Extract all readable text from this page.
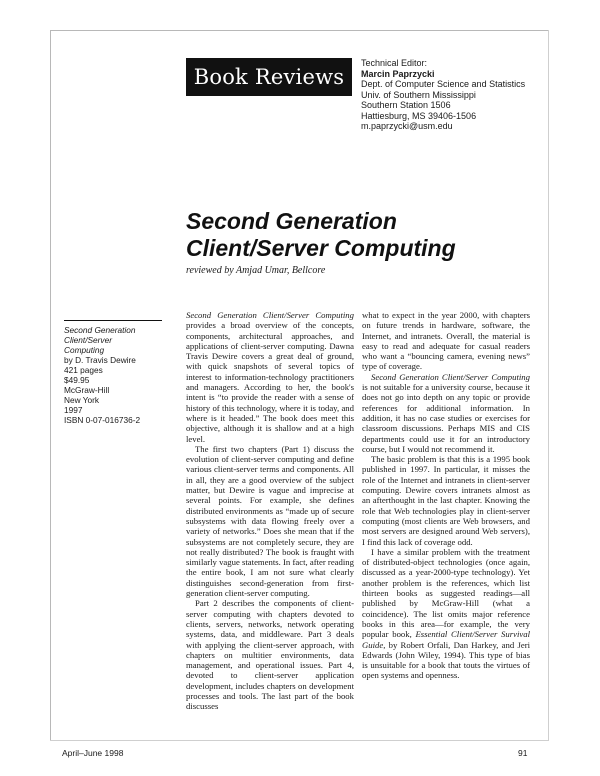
Book Reviews
Technical Editor:
Marcin Paprzycki
Dept. of Computer Science and Statistics
Univ. of Southern Mississippi
Southern Station 1506
Hattiesburg, MS 39406-1506
m.paprzycki@usm.edu
Second Generation
Client/Server Computing
reviewed by Amjad Umar, Bellcore
Second Generation
Client/Server
Computing
by D. Travis Dewire
421 pages
$49.95
McGraw-Hill
New York
1997
ISBN 0-07-016736-2

Second Generation Client/Server Computing provides a broad overview of the concepts, components, architectural approaches, and applications of client-server computing. Dawna Travis Dewire covers a great deal of ground, with quick snapshots of several topics of interest to information-technology practitioners and managers. According to her, the book's intent is “to provide the reader with a sense of history of this technology, where it is today, and where is it headed.” The book does meet this objective, although it is shallow and at a high level.

The first two chapters (Part 1) discuss the evolution of client-server computing and define various client-server terms and components. All in all, they are a good overview of the subject matter, but Dewire is vague and imprecise at several points. For example, she defines distributed environments as “made up of secure subsystems with data flowing freely over a variety of networks.” Does she mean that if the subsystems are not completely secure, they are not really distributed? The book is fraught with similarly vague statements. In fact, after reading the entire book, I am not sure what clearly distinguishes second-generation from first-generation client-server computing.

Part 2 describes the components of client-server computing with chapters devoted to clients, servers, networks, network operating systems, data, and middleware. Part 3 deals with applying the client-server approach, with chapters on multitier environments, data management, and operational issues. Part 4, devoted to client-server application development, includes chapters on development processes and tools. The last part of the book discusses

what to expect in the year 2000, with chapters on future trends in hardware, software, the Internet, and intranets. Overall, the material is easy to read and adequate for casual readers who want a “bouncing camera, evening news” type of coverage.

Second Generation Client/Server Computing is not suitable for a university course, because it does not go into depth on any topic or provide references for additional information. In addition, it has no case studies or exercises for classroom discussions. Perhaps MIS and CIS departments could use it for an introductory course, but I would not recommend it.

The basic problem is that this is a 1995 book published in 1997. In particular, it misses the role of the Internet and intranets in client-server computing. Dewire covers intranets almost as an afterthought in the last chapter. Knowing the role that Web technologies play in client-server computing (most clients are Web browsers, and most servers are designed around Web servers), I find this lack of coverage odd.

I have a similar problem with the treatment of distributed-object technologies (once again, discussed as a year-2000-type technology). Yet another problem is the references, which list thirteen books as suggested readings—all published by McGraw-Hill (what a coincidence). The list omits major reference books in this area—for example, the very popular book, Essential Client/Server Survival Guide, by Robert Orfali, Dan Harkey, and Jeri Edwards (John Wiley, 1994). This type of bias is unsuitable for a book that touts the virtues of open systems and openness.

April–June 1998	91
